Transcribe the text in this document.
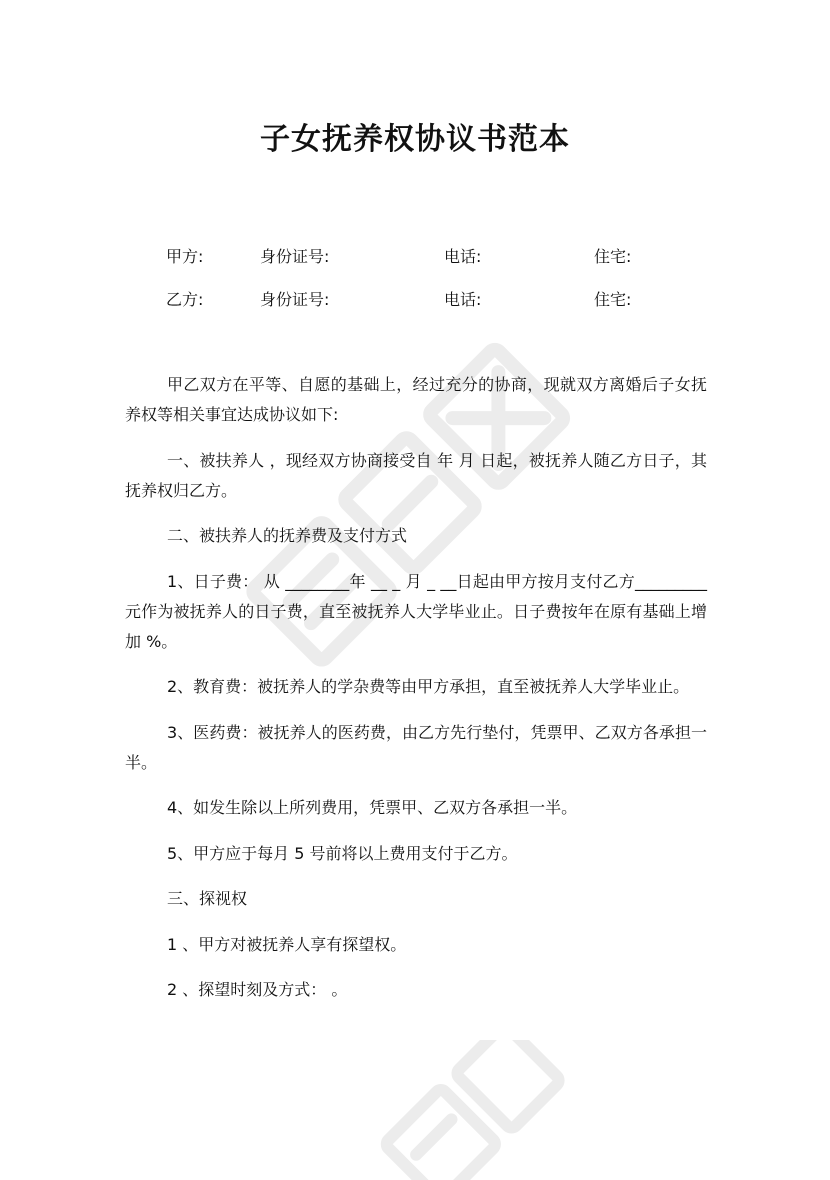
子女抚养权协议书范本
甲方:	身份证号:	电话:	住宅:
乙方:	身份证号:	电话:	住宅:

甲乙双方在平等、自愿的基础上，经过充分的协商，现就双方离婚后子女抚养权等相关事宜达成协议如下:

一、被扶养人 ，现经双方协商接受自 年 月 日起，被抚养人随乙方日子，其抚养权归乙方。

二、被扶养人的抚养费及支付方式

1、日子费： 从 ________年 __ _ 月 _ __日起由甲方按月支付乙方_________ 元作为被抚养人的日子费，直至被抚养人大学毕业止。日子费按年在原有基础上增加 %。

2、教育费：被抚养人的学杂费等由甲方承担，直至被抚养人大学毕业止。

3、医药费：被抚养人的医药费，由乙方先行垫付，凭票甲、乙双方各承担一半。

4、如发生除以上所列费用，凭票甲、乙双方各承担一半。

5、甲方应于每月 5 号前将以上费用支付于乙方。

三、探视权

1 、甲方对被抚养人享有探望权。

2 、探望时刻及方式： 。
